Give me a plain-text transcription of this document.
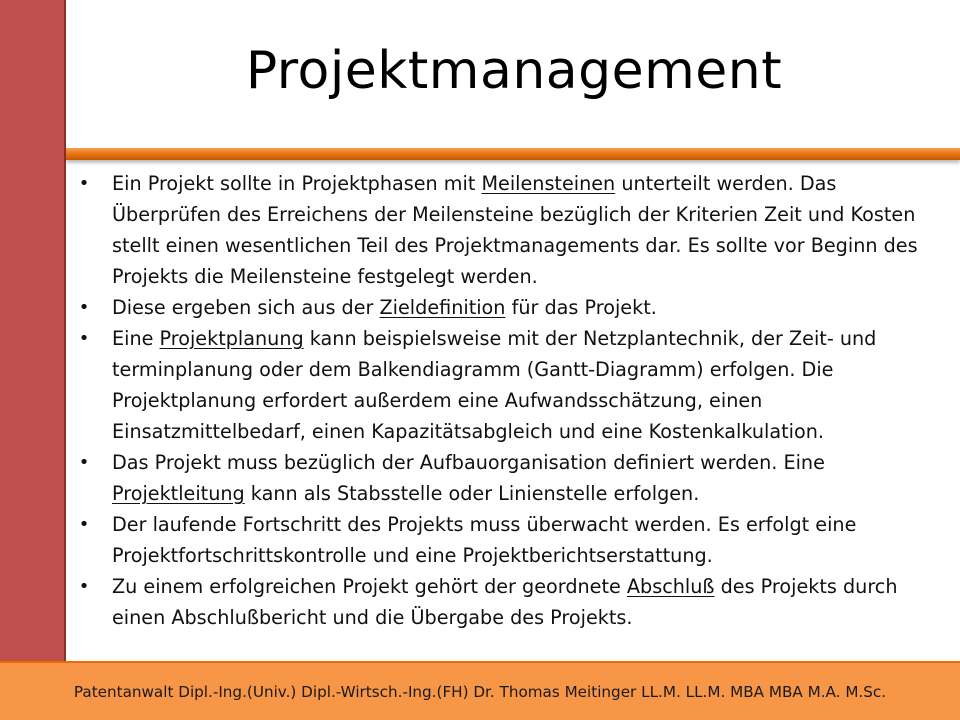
Projektmanagement
• Ein Projekt sollte in Projektphasen mit Meilensteinen unterteilt werden. Das Überprüfen des Erreichens der Meilensteine bezüglich der Kriterien Zeit und Kosten stellt einen wesentlichen Teil des Projektmanagements dar. Es sollte vor Beginn des Projekts die Meilensteine festgelegt werden.
• Diese ergeben sich aus der Zieldefinition für das Projekt.
• Eine Projektplanung kann beispielsweise mit der Netzplantechnik, der Zeit- und terminplanung oder dem Balkendiagramm (Gantt-Diagramm) erfolgen. Die Projektplanung erfordert außerdem eine Aufwandsschätzung, einen Einsatzmittelbedarf, einen Kapazitätsabgleich und eine Kostenkalkulation.
• Das Projekt muss bezüglich der Aufbauorganisation definiert werden. Eine Projektleitung kann als Stabsstelle oder Linienstelle erfolgen.
• Der laufende Fortschritt des Projekts muss überwacht werden. Es erfolgt eine Projektfortschrittskontrolle und eine Projektberichtserstattung.
• Zu einem erfolgreichen Projekt gehört der geordnete Abschluß des Projekts durch einen Abschlußbericht und die Übergabe des Projekts.
Patentanwalt Dipl.-Ing.(Univ.) Dipl.-Wirtsch.-Ing.(FH) Dr. Thomas Meitinger LL.M. LL.M. MBA MBA M.A. M.Sc.
